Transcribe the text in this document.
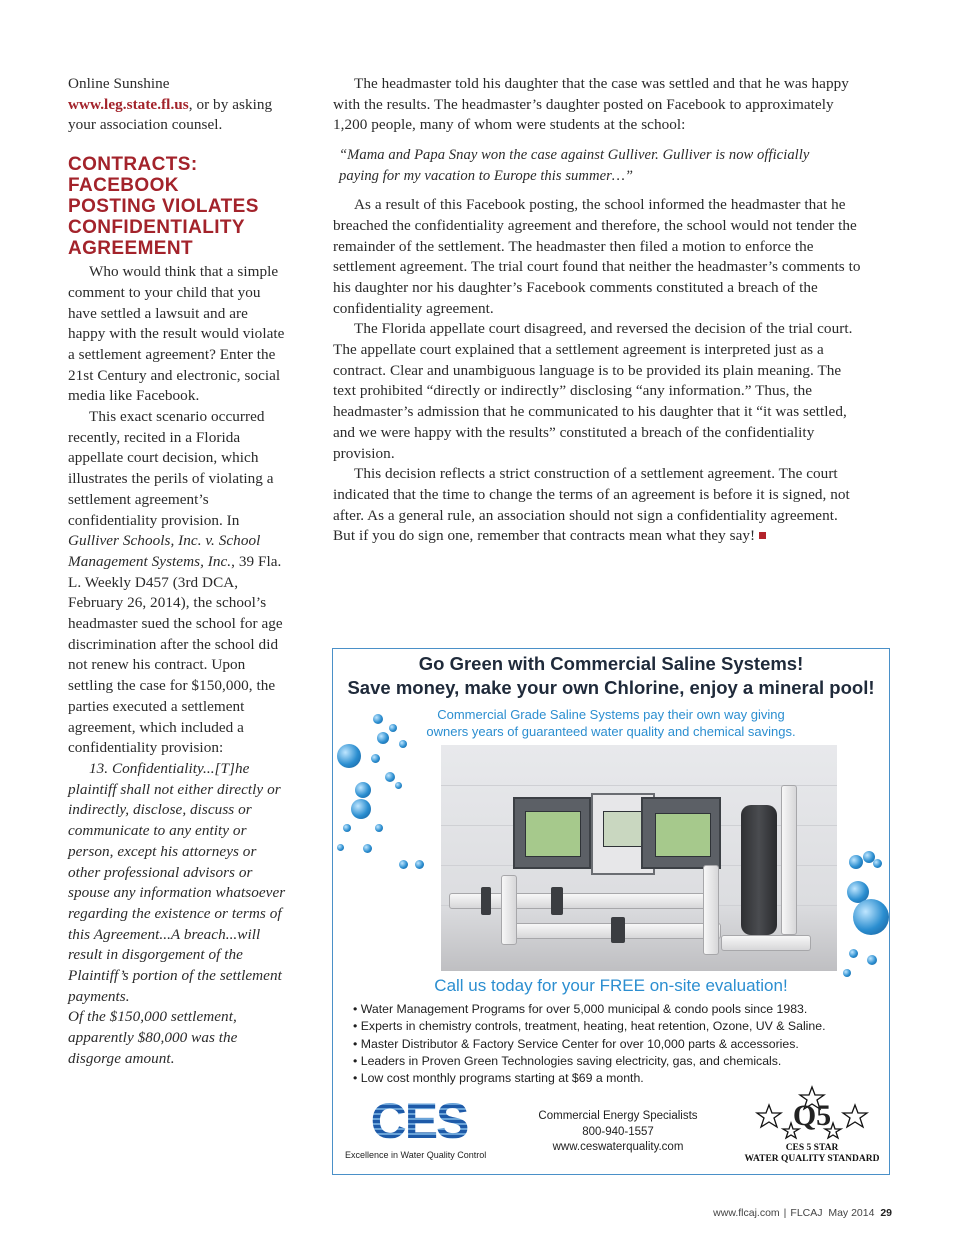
Online Sunshine www.leg.state.fl.us, or by asking your association counsel.

CONTRACTS:
FACEBOOK
POSTING VIOLATES
CONFIDENTIALITY
AGREEMENT

Who would think that a simple comment to your child that you have settled a lawsuit and are happy with the result would violate a settlement agreement? Enter the 21st Century and electronic, social media like Facebook.

This exact scenario occurred recently, recited in a Florida appellate court decision, which illustrates the perils of violating a settlement agreement’s confidentiality provision. In Gulliver Schools, Inc. v. School Management Systems, Inc., 39 Fla. L. Weekly D457 (3rd DCA, February 26, 2014), the school’s headmaster sued the school for age discrimination after the school did not renew his contract. Upon settling the case for $150,000, the parties executed a settlement agreement, which included a confidentiality provision:

13. Confidentiality...[T]he plaintiff shall not either directly or indirectly, disclose, discuss or communicate to any entity or person, except his attorneys or other professional advisors or spouse any information whatsoever regarding the existence or terms of this Agreement...A breach...will result in disgorgement of the Plaintiff’s portion of the settlement payments.

Of the $150,000 settlement, apparently $80,000 was the disgorge amount.

The headmaster told his daughter that the case was settled and that he was happy with the results. The headmaster’s daughter posted on Facebook to approximately 1,200 people, many of whom were students at the school:

“Mama and Papa Snay won the case against Gulliver. Gulliver is now officially paying for my vacation to Europe this summer…”

As a result of this Facebook posting, the school informed the headmaster that he breached the confidentiality agreement and therefore, the school would not tender the remainder of the settlement. The headmaster then filed a motion to enforce the settlement agreement. The trial court found that neither the headmaster’s comments to his daughter nor his daughter’s Facebook comments constituted a breach of the confidentiality agreement.

The Florida appellate court disagreed, and reversed the decision of the trial court. The appellate court explained that a settlement agreement is interpreted just as a contract. Clear and unambiguous language is to be provided its plain meaning. The text prohibited “directly or indirectly” disclosing “any information.” Thus, the headmaster’s admission that he communicated to his daughter that it “it was settled, and we were happy with the results” constituted a breach of the confidentiality provision.

This decision reflects a strict construction of a settlement agreement. The court indicated that the time to change the terms of an agreement is before it is signed, not after. As a general rule, an association should not sign a confidentiality agreement. But if you do sign one, remember that contracts mean what they say!

Go Green with Commercial Saline Systems!
Save money, make your own Chlorine, enjoy a mineral pool!
Commercial Grade Saline Systems pay their own way giving
owners years of guaranteed water quality and chemical savings.
Call us today for your FREE on-site evaluation!
• Water Management Programs for over 5,000 municipal & condo pools since 1983.
• Experts in chemistry controls, treatment, heating, heat retention, Ozone, UV & Saline.
• Master Distributor & Factory Service Center for over 10,000 parts & accessories.
• Leaders in Proven Green Technologies saving electricity, gas, and chemicals.
• Low cost monthly programs starting at $69 a month.
CES
Excellence in Water Quality Control
Commercial Energy Specialists
800-940-1557
www.ceswaterquality.com
Q5
CES 5 STAR
WATER QUALITY STANDARD
www.flcaj.com | FLCAJ May 2014 29
